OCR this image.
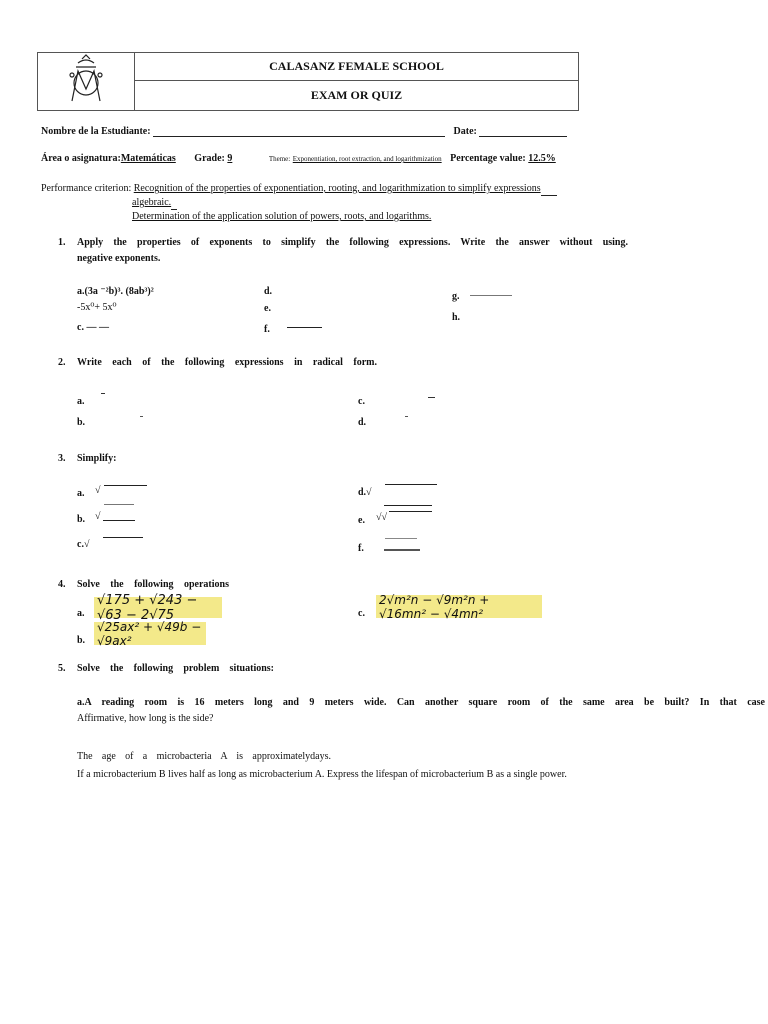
CALASANZ FEMALE SCHOOL
EXAM OR QUIZ
Nombre de la Estudiante:	Date:
Área o asignatura:Matemáticas Grade: 9	Theme: Exponentiation, root extraction, and logarithmization Percentage value: 12.5%
Performance criterion: Recognition of the properties of exponentiation, rooting, and logarithmization to simplify expressions
algebraic.
Determination of the application solution of powers, roots, and logarithms.
1. Apply the properties of exponents to simplify the following expressions. Write the answer without using.
negative exponents.
a.(3a ⁻²b)³. (8ab³)²
-5x⁰+ 5x⁰
c. — —
d.
e.
f.
g.
h.
2. Write each of the following expressions in radical form.
a.
b.
c.
d.
3. Simplify:
a. √
b. √
c.√
d.√
e. √√
f.
4. Solve the following operations
a.
√175 + √243 − √63 − 2√75
b.
√25ax² + √49b − √9ax²
c.
2√m²n − √9m²n + √16mn² − √4mn²
5. Solve the following problem situations:
a.A reading room is 16 meters long and 9 meters wide. Can another square room of the same area be built? In that case
Affirmative, how long is the side?
The age of a microbacteria A is approximatelydays.
If a microbacterium B lives half as long as microbacterium A. Express the lifespan of microbacterium B as a single power.
